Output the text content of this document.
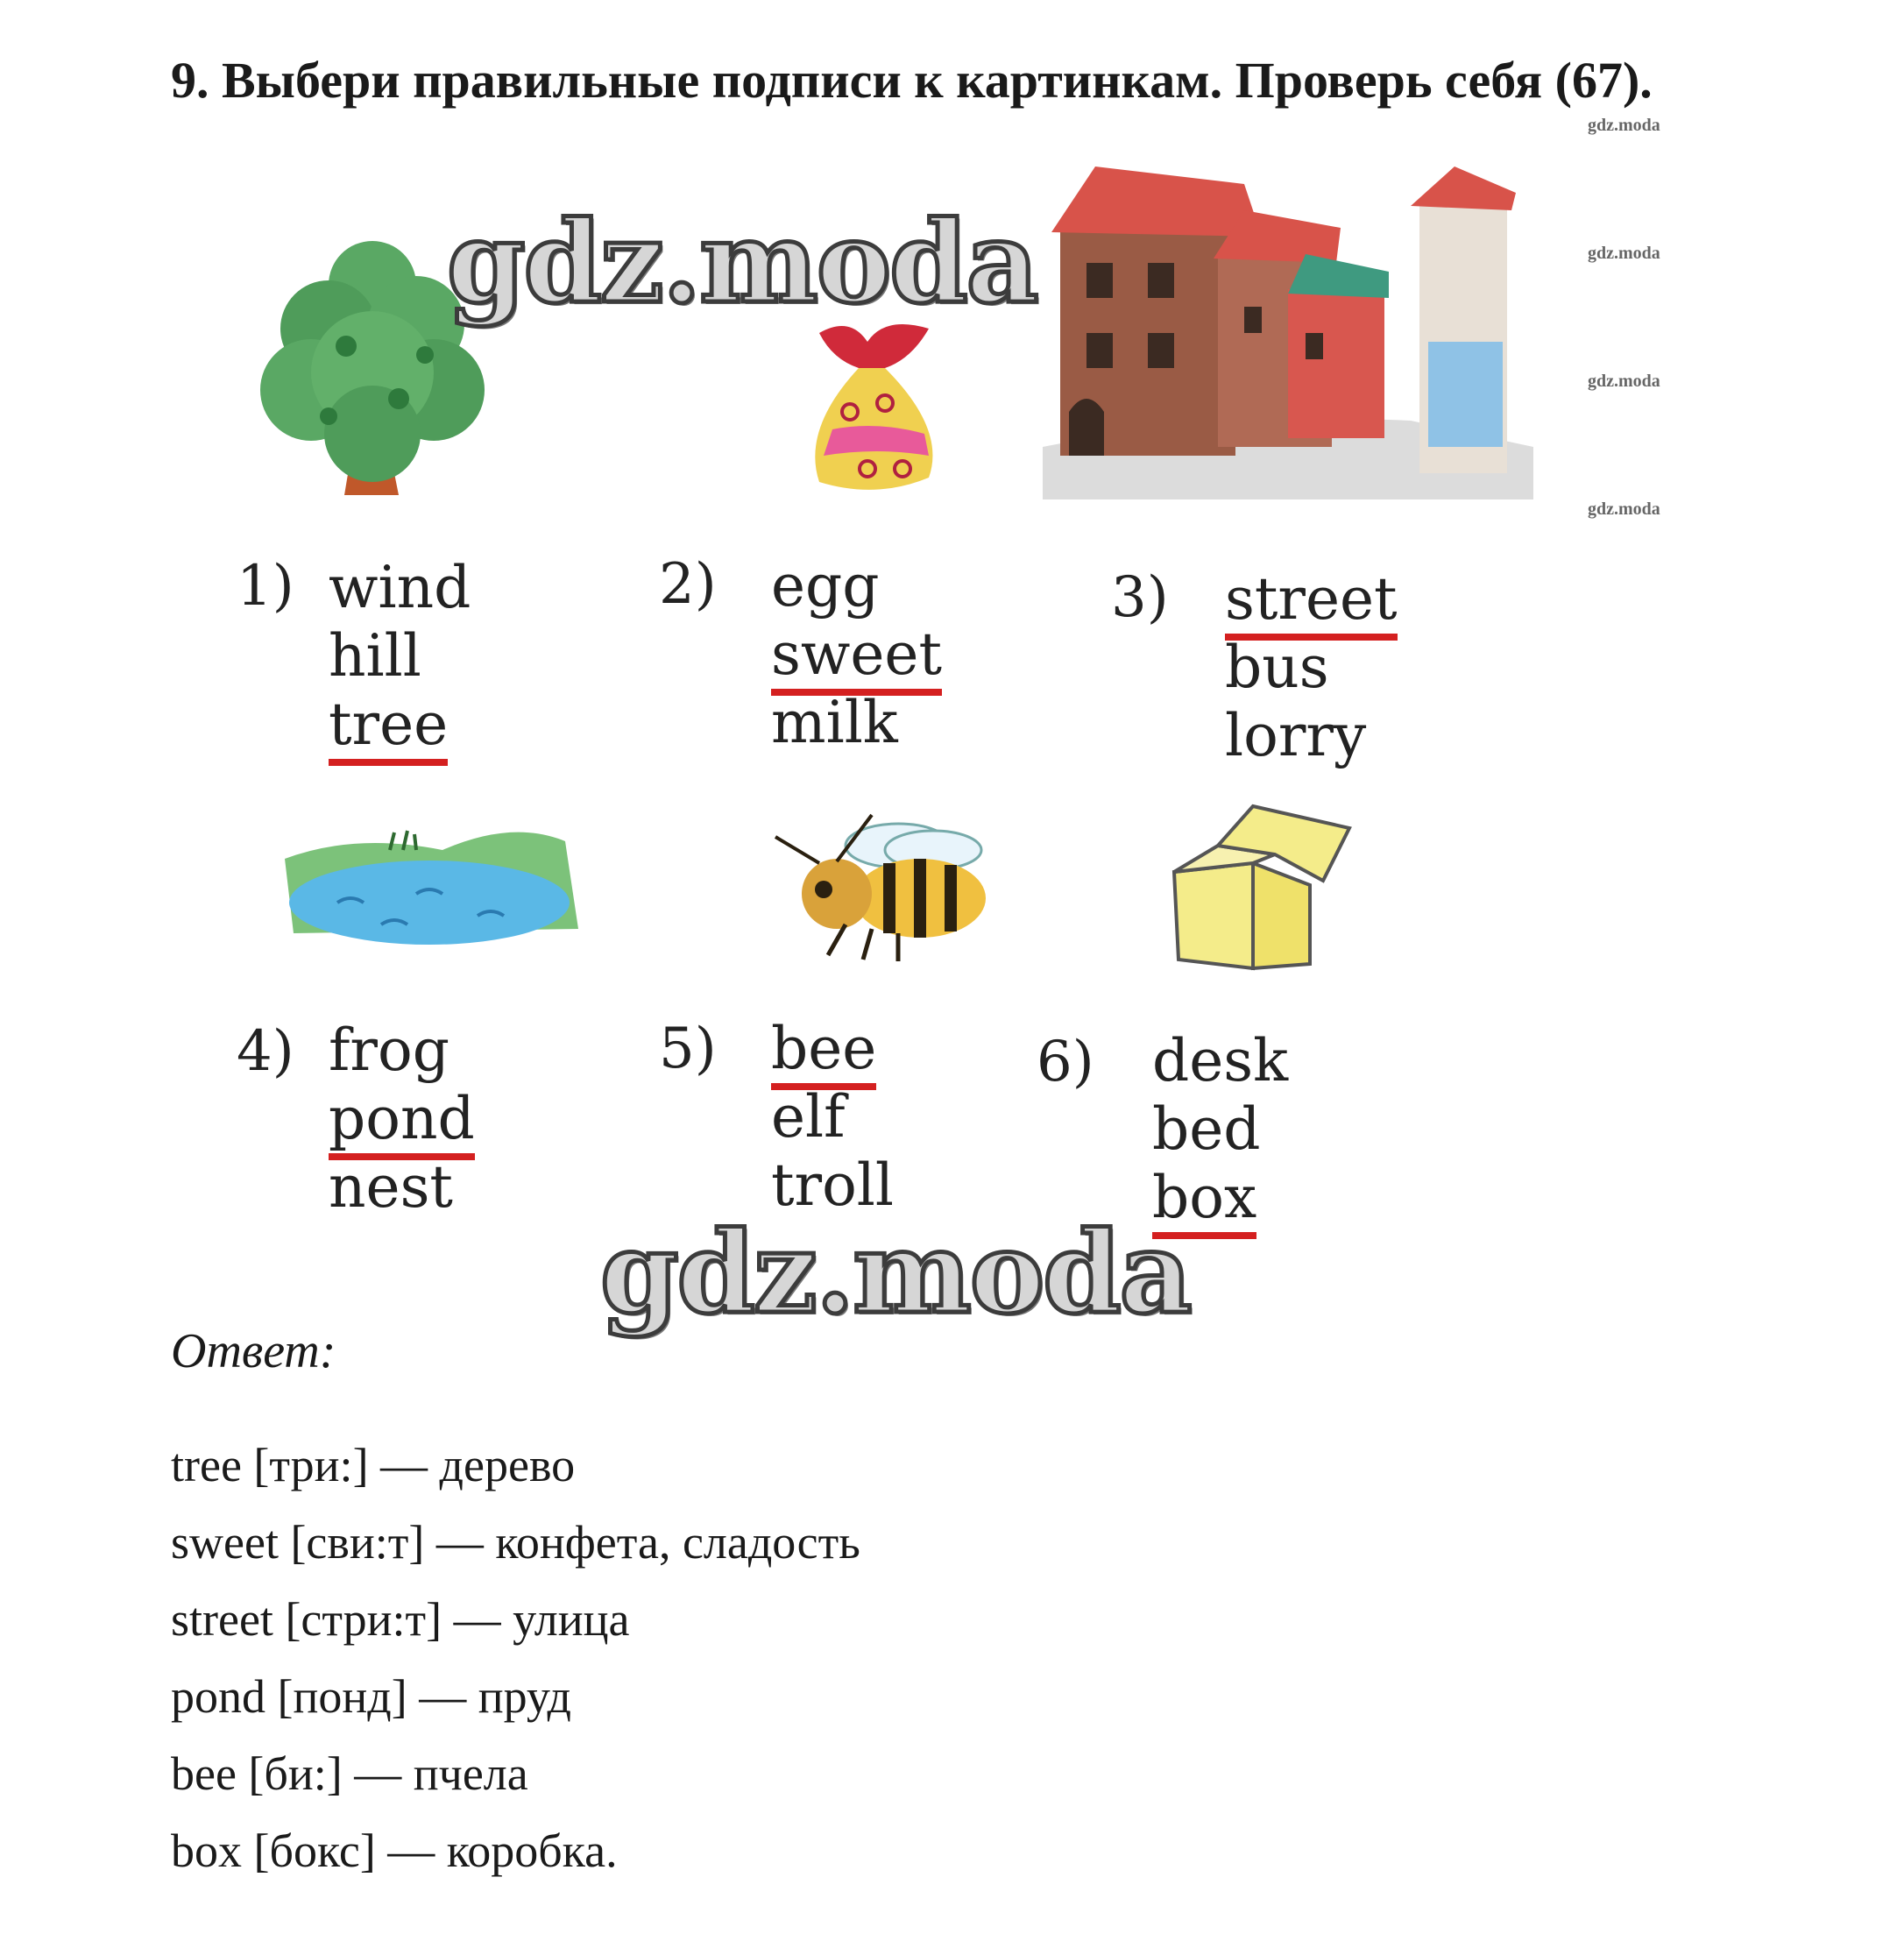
9. Выбери правильные подписи к картинкам. Проверь себя (67).
gdz.moda
gdz.moda
gdz.moda
gdz.moda
1) wind
hill
tree
2) egg
sweet
milk
3) street
bus
lorry
4) frog
pond
nest
5) bee
elf
troll
6) desk
bed
box
gdz.moda
gdz.moda
Ответ:
tree [три:] — дерево
sweet [сви:т] — конфета, сладость
street [стри:т] — улица
pond [понд] — пруд
bee [би:] — пчела
box [бокс] — коробка.
